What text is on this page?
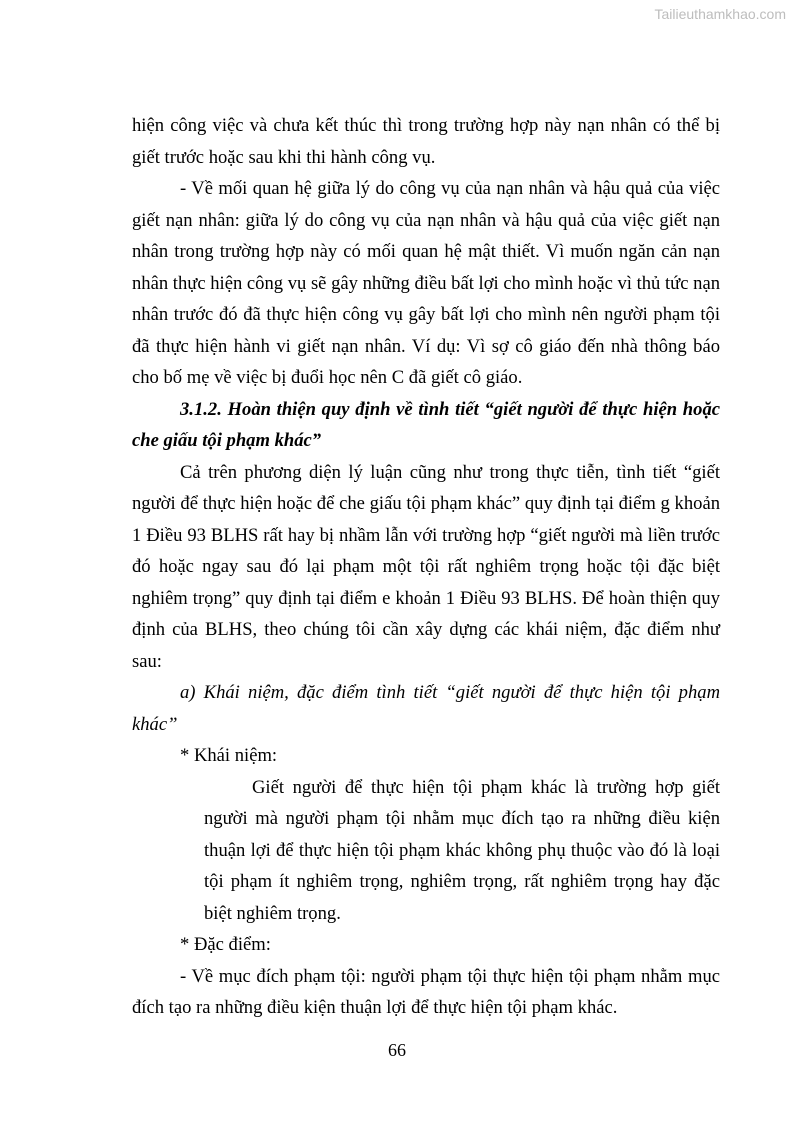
Tailieuthamkhao.com

hiện công việc và chưa kết thúc thì trong trường hợp này nạn nhân có thể bị giết trước hoặc sau khi thi hành công vụ.

- Về mối quan hệ giữa lý do công vụ của nạn nhân và hậu quả của việc giết nạn nhân: giữa lý do công vụ của nạn nhân và hậu quả của việc giết nạn nhân trong trường hợp này có mối quan hệ mật thiết. Vì muốn ngăn cản nạn nhân thực hiện công vụ sẽ gây những điều bất lợi cho mình hoặc vì thủ tức nạn nhân trước đó đã thực hiện công vụ gây bất lợi cho mình nên người phạm tội đã thực hiện hành vi giết nạn nhân. Ví dụ: Vì sợ cô giáo đến nhà thông báo cho bố mẹ về việc bị đuổi học nên C đã giết cô giáo.

3.1.2. Hoàn thiện quy định về tình tiết “giết người để thực hiện hoặc che giấu tội phạm khác”

Cả trên phương diện lý luận cũng như trong thực tiễn, tình tiết “giết người để thực hiện hoặc để che giấu tội phạm khác” quy định tại điểm g khoản 1 Điều 93 BLHS rất hay bị nhầm lẫn với trường hợp “giết người mà liền trước đó hoặc ngay sau đó lại phạm một tội rất nghiêm trọng hoặc tội đặc biệt nghiêm trọng” quy định tại điểm e khoản 1 Điều 93 BLHS. Để hoàn thiện quy định của BLHS, theo chúng tôi cần xây dựng các khái niệm, đặc điểm như sau:

a) Khái niệm, đặc điểm tình tiết “giết người để thực hiện tội phạm khác”

* Khái niệm:

Giết người để thực hiện tội phạm khác là trường hợp giết người mà người phạm tội nhằm mục đích tạo ra những điều kiện thuận lợi để thực hiện tội phạm khác không phụ thuộc vào đó là loại tội phạm ít nghiêm trọng, nghiêm trọng, rất nghiêm trọng hay đặc biệt nghiêm trọng.

* Đặc điểm:

- Về mục đích phạm tội: người phạm tội thực hiện tội phạm nhằm mục đích tạo ra những điều kiện thuận lợi để thực hiện tội phạm khác.

66
